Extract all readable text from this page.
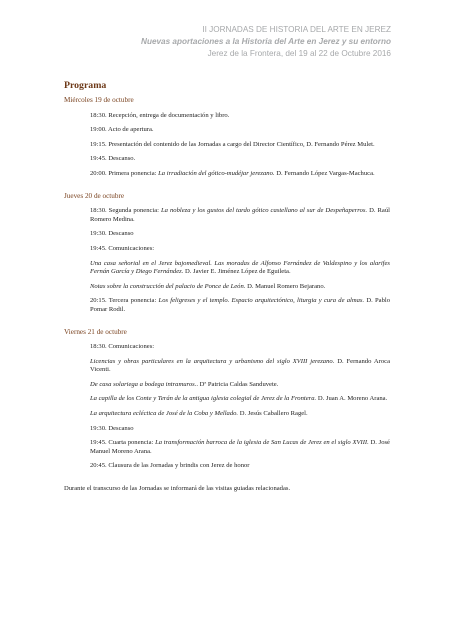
II JORNADAS DE HISTORIA DEL ARTE EN JEREZ
Nuevas aportaciones a la Historia del Arte en Jerez y su entorno
Jerez de la Frontera, del 19 al 22 de Octubre 2016
Programa
Miércoles 19 de octubre
18:30. Recepción, entrega de documentación y libro.
19:00. Acto de apertura.
19:15. Presentación del contenido de las Jornadas a cargo del Director Científico, D. Fernando Pérez Mulet.
19:45. Descanso.
20:00. Primera ponencia: La irradiación del gótico-mudéjar jerezano. D. Fernando López Vargas-Machuca.
Jueves 20 de octubre
18:30. Segunda ponencia: La nobleza y los gustos del tardo gótico castellano al sur de Despeñaperros. D. Raúl Romero Medina.
19:30. Descanso
19:45. Comunicaciones:
Una casa señorial en el Jerez bajomedieval. Las moradas de Alfonso Fernández de Valdespino y los alarifes Fernán García y Diego Fernández. D. Javier E. Jiménez López de Eguileta.
Notas sobre la construcción del palacio de Ponce de León. D. Manuel Romero Bejarano.
20:15. Tercera ponencia: Los feligreses y el templo. Espacio arquitectónico, liturgia y cura de almas. D. Pablo Pomar Rodil.
Viernes 21 de octubre
18:30. Comunicaciones:
Licencias y obras particulares en la arquitectura y urbanismo del siglo XVIII jerezano. D. Fernando Aroca Vicenti.
De casa solariega a bodega intramuros.. Dª Patricia Caldas Sanduvete.
La capilla de los Conte y Terán de la antigua iglesia colegial de Jerez de la Frontera. D. Juan A. Moreno Arana.
La arquitectura ecléctica de José de la Coba y Mellado. D. Jesús Caballero Ragel.
19:30. Descanso
19:45. Cuarta ponencia: La transformación barroca de la iglesia de San Lucas de Jerez en el siglo XVIII. D. José Manuel Moreno Arana.
20:45. Clausura de las Jornadas y brindis con Jerez de honor
Durante el transcurso de las Jornadas se informará de las visitas guiadas relacionadas.
